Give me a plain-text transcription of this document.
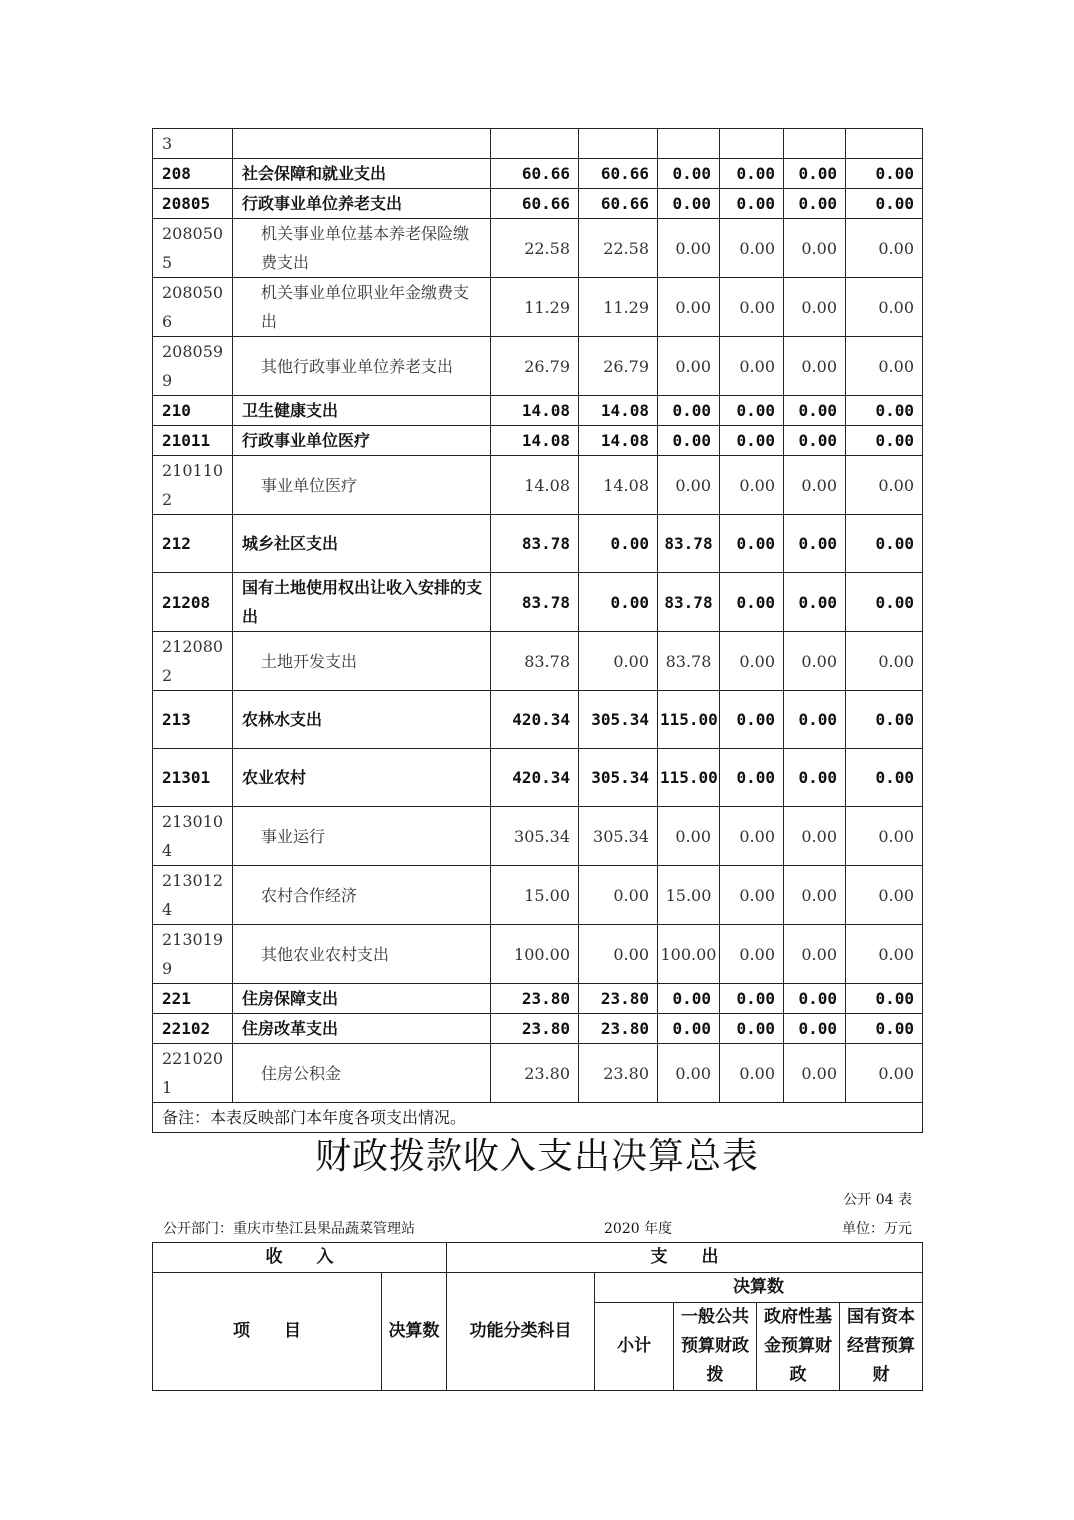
3							
208	社会保障和就业支出	60.66	60.66	0.00	0.00	0.00	0.00
20805	行政事业单位养老支出	60.66	60.66	0.00	0.00	0.00	0.00
2080505	机关事业单位基本养老保险缴费支出	22.58	22.58	0.00	0.00	0.00	0.00
2080506	机关事业单位职业年金缴费支出	11.29	11.29	0.00	0.00	0.00	0.00
2080599	其他行政事业单位养老支出	26.79	26.79	0.00	0.00	0.00	0.00
210	卫生健康支出	14.08	14.08	0.00	0.00	0.00	0.00
21011	行政事业单位医疗	14.08	14.08	0.00	0.00	0.00	0.00
2101102	事业单位医疗	14.08	14.08	0.00	0.00	0.00	0.00
212	城乡社区支出	83.78	0.00	83.78	0.00	0.00	0.00
21208	国有土地使用权出让收入安排的支出	83.78	0.00	83.78	0.00	0.00	0.00
2120802	土地开发支出	83.78	0.00	83.78	0.00	0.00	0.00
213	农林水支出	420.34	305.34	115.00	0.00	0.00	0.00
21301	农业农村	420.34	305.34	115.00	0.00	0.00	0.00
2130104	事业运行	305.34	305.34	0.00	0.00	0.00	0.00
2130124	农村合作经济	15.00	0.00	15.00	0.00	0.00	0.00
2130199	其他农业农村支出	100.00	0.00	100.00	0.00	0.00	0.00
221	住房保障支出	23.80	23.80	0.00	0.00	0.00	0.00
22102	住房改革支出	23.80	23.80	0.00	0.00	0.00	0.00
2210201	住房公积金	23.80	23.80	0.00	0.00	0.00	0.00
备注：本表反映部门本年度各项支出情况。							
财政拨款收入支出决算总表
公开 04 表
公开部门：重庆市垫江县果品蔬菜管理站	2020 年度	单位：万元
收　　入		支　　出				
项　　目	决算数	功能分类科目	决算数			
			小计	一般公共预算财政拨	政府性基金预算财政	国有资本经营预算财
